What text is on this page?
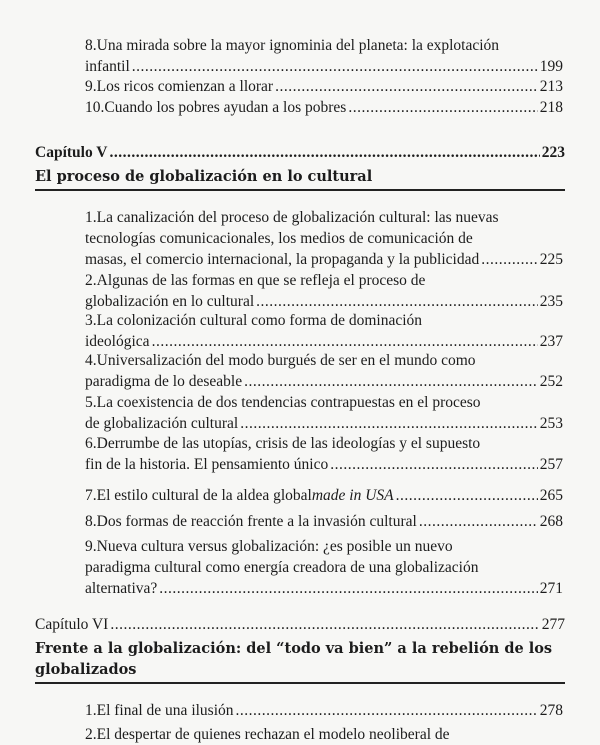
8.Una mirada sobre la mayor ignominia del planeta: la explotación
infantil .....	199
9.Los ricos comienzan a llorar .....	213
10.Cuando los pobres ayudan a los pobres .....	218
Capítulo V .....	223
El proceso de globalización en lo cultural
1.La canalización del proceso de globalización cultural: las nuevas
tecnologías comunicacionales, los medios de comunicación de
masas, el comercio internacional, la propaganda y la publicidad .....	225
2.Algunas de las formas en que se refleja el proceso de
globalización en lo cultural .....	235
3.La colonización cultural como forma de dominación
ideológica .....	237
4.Universalización del modo burgués de ser en el mundo como
paradigma de lo deseable .....	252
5.La coexistencia de dos tendencias contrapuestas en el proceso
de globalización cultural .....	253
6.Derrumbe de las utopías, crisis de las ideologías y el supuesto
fin de la historia. El pensamiento único .....	257
7.El estilo cultural de la aldea global made in USA .....	265
8.Dos formas de reacción frente a la invasión cultural .....	268
9.Nueva cultura versus globalización: ¿es posible un nuevo
paradigma cultural como energía creadora de una globalización
alternativa? .....	271
Capítulo VI .....	277
Frente a la globalización: del “todo va bien” a la rebelión de los
globalizados
1.El final de una ilusión .....	278
2.El despertar de quienes rechazan el modelo neoliberal de
